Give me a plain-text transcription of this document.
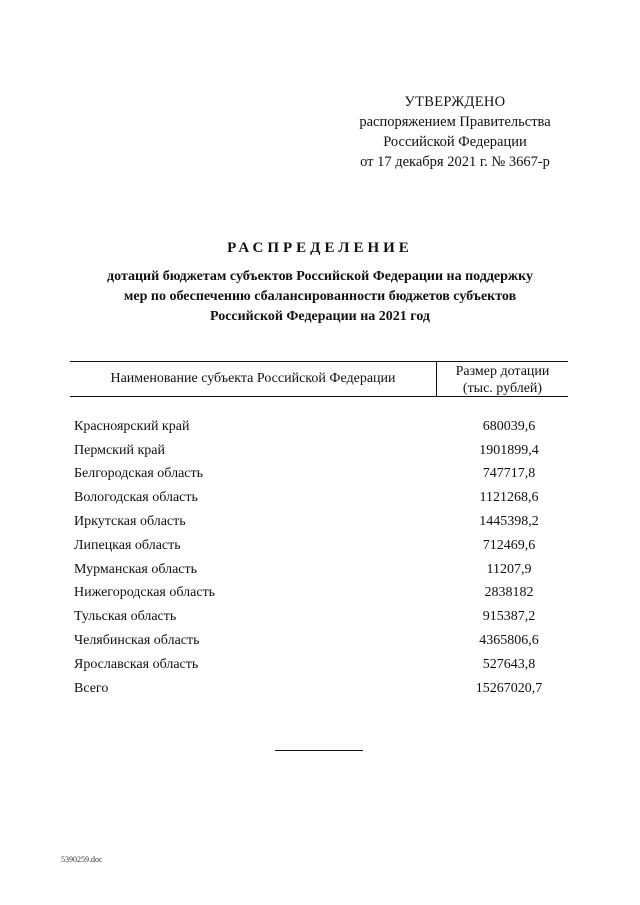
УТВЕРЖДЕНО
распоряжением Правительства
Российской Федерации
от 17 декабря 2021 г. № 3667-р
РАСПРЕДЕЛЕНИЕ
дотаций бюджетам субъектов Российской Федерации на поддержку
мер по обеспечению сбалансированности бюджетов субъектов
Российской Федерации на 2021 год
Наименование субъекта Российской Федерации	Размер дотации
(тыс. рублей)
Красноярский край	680039,6
Пермский край	1901899,4
Белгородская область	747717,8
Вологодская область	1121268,6
Иркутская область	1445398,2
Липецкая область	712469,6
Мурманская область	11207,9
Нижегородская область	2838182
Тульская область	915387,2
Челябинская область	4365806,6
Ярославская область	527643,8
Всего	15267020,7
5390259.doc
